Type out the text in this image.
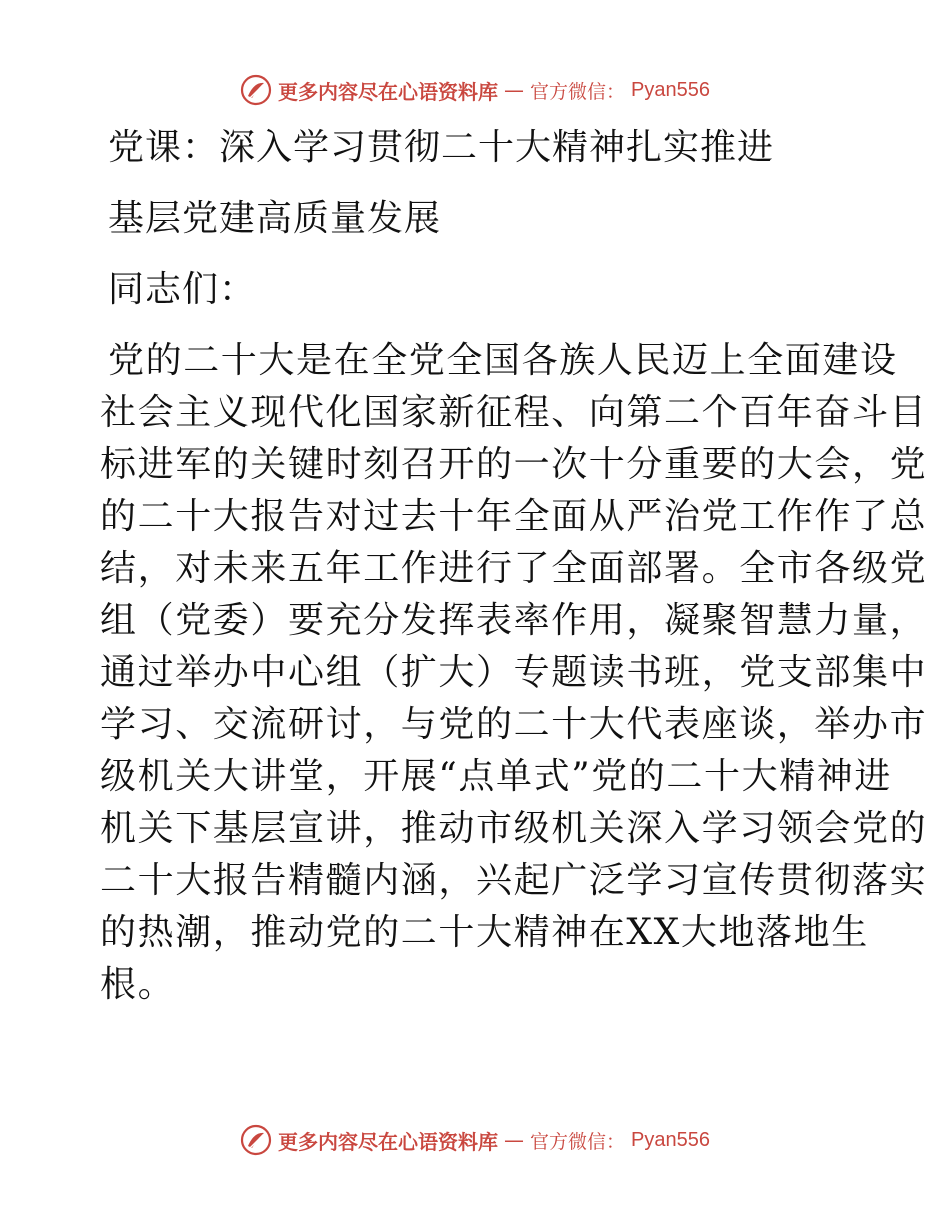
更多内容尽在心语资料库 — 官方微信： Pyan556
党课：深入学习贯彻二十大精神扎实推进
基层党建高质量发展
同志们：
党的二十大是在全党全国各族人民迈上全面建设
社会主义现代化国家新征程、向第二个百年奋斗目
标进军的关键时刻召开的一次十分重要的大会，党
的二十大报告对过去十年全面从严治党工作作了总
结，对未来五年工作进行了全面部署。全市各级党
组（党委）要充分发挥表率作用，凝聚智慧力量，
通过举办中心组（扩大）专题读书班，党支部集中
学习、交流研讨，与党的二十大代表座谈，举办市
级机关大讲堂，开展“点单式”党的二十大精神进
机关下基层宣讲，推动市级机关深入学习领会党的
二十大报告精髓内涵，兴起广泛学习宣传贯彻落实
的热潮，推动党的二十大精神在XX大地落地生
根。
更多内容尽在心语资料库 — 官方微信： Pyan556
